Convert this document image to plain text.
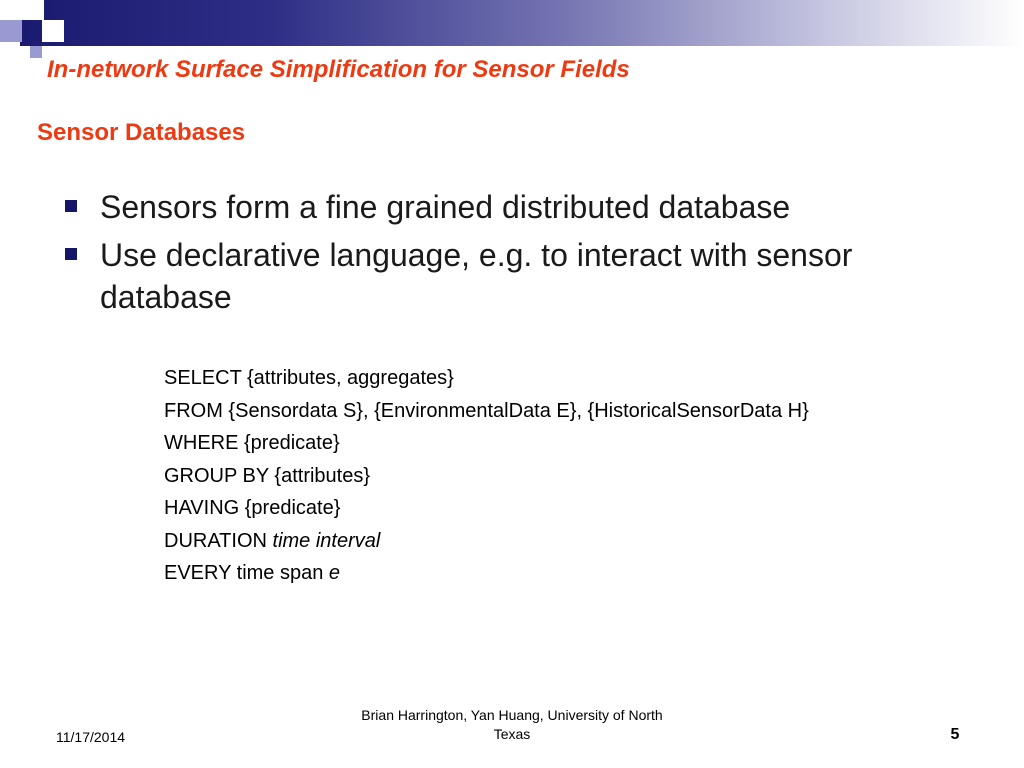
In-network Surface Simplification for Sensor Fields
Sensor Databases
Sensors form a fine grained distributed database
Use declarative language, e.g. to interact with sensor database
SELECT {attributes, aggregates}
FROM {Sensordata S}, {EnvironmentalData E}, {HistoricalSensorData H}
WHERE {predicate}
GROUP BY {attributes}
HAVING {predicate}
DURATION time interval
EVERY time span e
11/17/2014
Brian Harrington, Yan Huang, University of North Texas	5
